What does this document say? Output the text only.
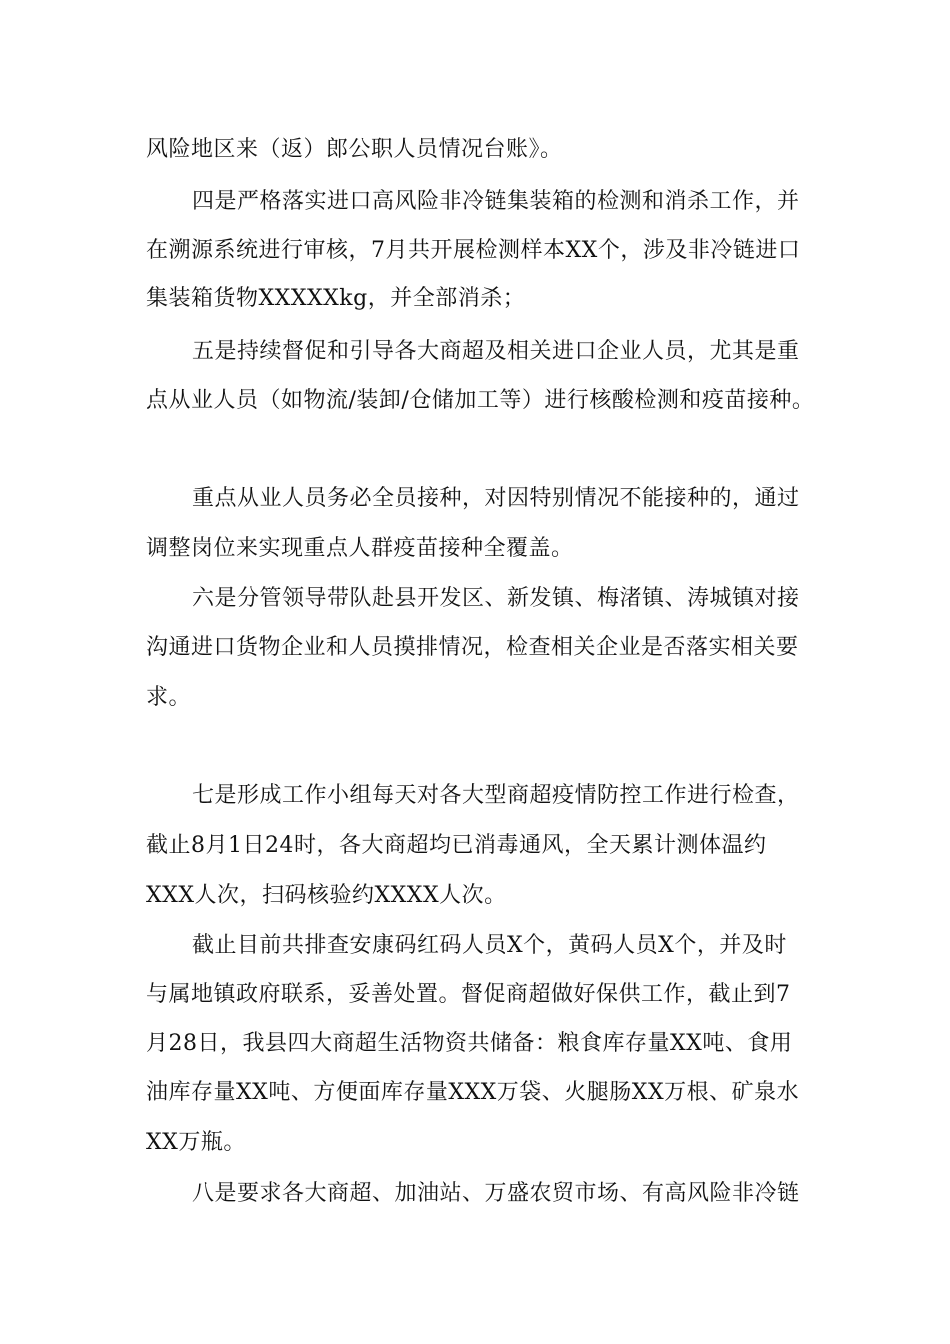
风险地区来（返）郎公职人员情况台账》。
四是严格落实进口高风险非冷链集装箱的检测和消杀工作，并
在溯源系统进行审核，7月共开展检测样本XX个，涉及非冷链进口
集装箱货物XXXXXkg，并全部消杀；
五是持续督促和引导各大商超及相关进口企业人员，尤其是重
点从业人员（如物流/装卸/仓储加工等）进行核酸检测和疫苗接种。
重点从业人员务必全员接种，对因特别情况不能接种的，通过
调整岗位来实现重点人群疫苗接种全覆盖。
六是分管领导带队赴县开发区、新发镇、梅渚镇、涛城镇对接
沟通进口货物企业和人员摸排情况，检查相关企业是否落实相关要
求。
七是形成工作小组每天对各大型商超疫情防控工作进行检查，
截止8月1日24时，各大商超均已消毒通风，全天累计测体温约
XXX人次，扫码核验约XXXX人次。
截止目前共排查安康码红码人员X个，黄码人员X个，并及时
与属地镇政府联系，妥善处置。督促商超做好保供工作，截止到7
月28日，我县四大商超生活物资共储备：粮食库存量XX吨、食用
油库存量XX吨、方便面库存量XXX万袋、火腿肠XX万根、矿泉水
XX万瓶。
八是要求各大商超、加油站、万盛农贸市场、有高风险非冷链
